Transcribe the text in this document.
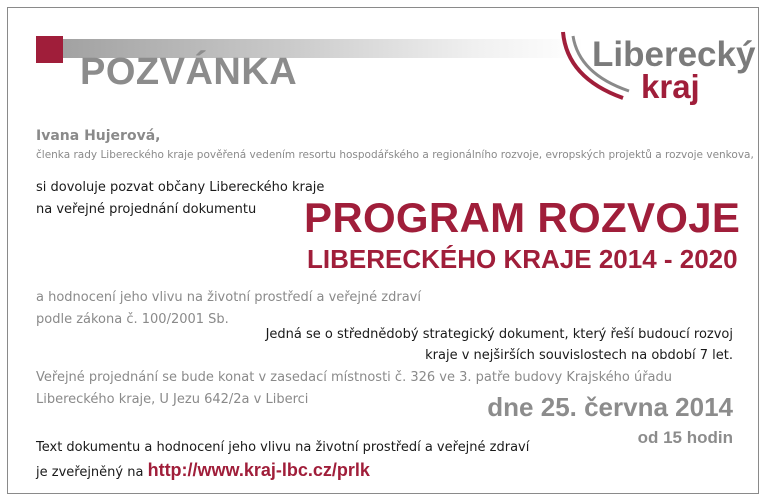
POZVÁNKA	Liberecký
kraj

Ivana Hujerová,

členka rady Libereckého kraje pověřená vedením resortu hospodářského a regionálního rozvoje, evropských projektů a rozvoje venkova,

si dovoluje pozvat občany Libereckého kraje

na veřejné projednání dokumentu PROGRAM ROZVOJE

LIBERECKÉHO KRAJE 2014 - 2020

a hodnocení jeho vlivu na životní prostředí a veřejné zdraví

podle zákona č. 100/2001 Sb.

Jedná se o střednědobý strategický dokument, který řeší budoucí rozvoj

kraje v nejširších souvislostech na období 7 let.

Veřejné projednání se bude konat v zasedací místnosti č. 326 ve 3. patře budovy Krajského úřadu

Libereckého kraje, U Jezu 642/2a v Liberci	dne 25. června 2014

od 15 hodin

Text dokumentu a hodnocení jeho vlivu na životní prostředí a veřejné zdraví

je zveřejněný na http://www.kraj-lbc.cz/prlk
